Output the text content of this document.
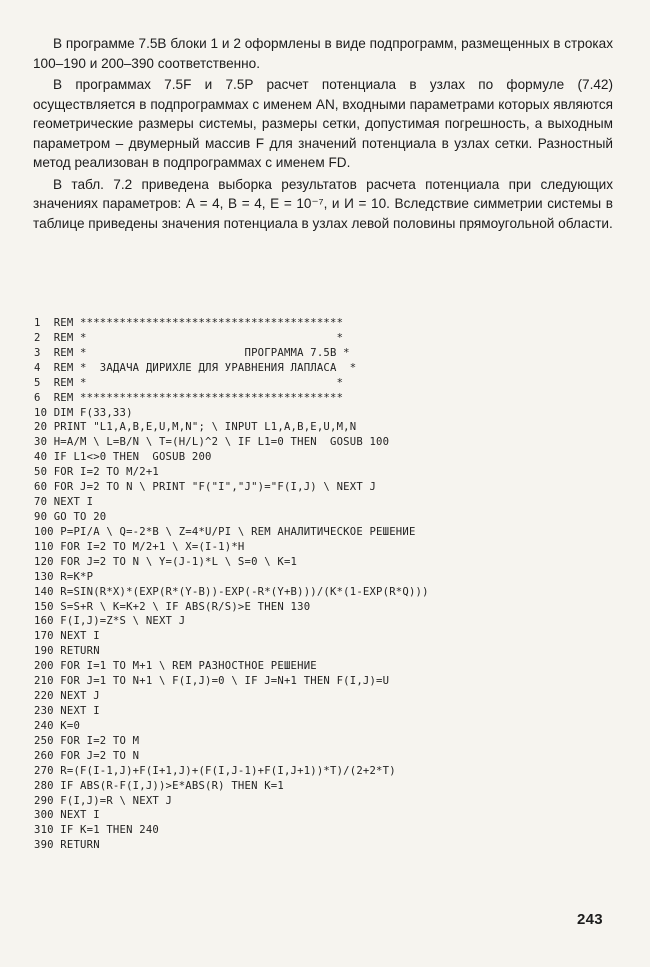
В программе 7.5В блоки 1 и 2 оформлены в виде подпрограмм, размещенных в строках 100–190 и 200–390 соответственно.

В программах 7.5F и 7.5P расчет потенциала в узлах по формуле (7.42) осуществляется в подпрограммах с именем AN, входными параметрами которых являются геометрические размеры системы, размеры сетки, допустимая погрешность, а выходным параметром – двумерный массив F для значений потенциала в узлах сетки. Разностный метод реализован в подпрограммах с именем FD.

В табл. 7.2 приведена выборка результатов расчета потенциала при следующих значениях параметров: А = 4, В = 4, Е = 10⁻⁷, и И = 10. Вследствие симметрии системы в таблице приведены значения потенциала в узлах левой половины прямоугольной области.

1  REM ****************************************
2  REM *                                      *
3  REM *                        ПРОГРАММА 7.5В *
4  REM *  ЗАДАЧА ДИРИХЛЕ ДЛЯ УРАВНЕНИЯ ЛАПЛАСА  *
5  REM *                                      *
6  REM ****************************************
10 DIM F(33,33)
20 PRINT "L1,A,B,E,U,M,N"; \ INPUT L1,A,B,E,U,M,N
30 H=A/M \ L=B/N \ T=(H/L)^2 \ IF L1=0 THEN  GOSUB 100
40 IF L1<>0 THEN  GOSUB 200
50 FOR I=2 TO M/2+1
60 FOR J=2 TO N \ PRINT "F("I","J")="F(I,J) \ NEXT J
70 NEXT I
90 GO TO 20
100 P=PI/A \ Q=-2*B \ Z=4*U/PI \ REM АНАЛИТИЧЕСКОЕ РЕШЕНИЕ
110 FOR I=2 TO M/2+1 \ X=(I-1)*H
120 FOR J=2 TO N \ Y=(J-1)*L \ S=0 \ K=1
130 R=K*P
140 R=SIN(R*X)*(EXP(R*(Y-B))-EXP(-R*(Y+B)))/(K*(1-EXP(R*Q)))
150 S=S+R \ K=K+2 \ IF ABS(R/S)>E THEN 130
160 F(I,J)=Z*S \ NEXT J
170 NEXT I
190 RETURN
200 FOR I=1 TO M+1 \ REM РАЗНОСТНОЕ РЕШЕНИЕ
210 FOR J=1 TO N+1 \ F(I,J)=0 \ IF J=N+1 THEN F(I,J)=U
220 NEXT J
230 NEXT I
240 K=0
250 FOR I=2 TO M
260 FOR J=2 TO N
270 R=(F(I-1,J)+F(I+1,J)+(F(I,J-1)+F(I,J+1))*T)/(2+2*T)
280 IF ABS(R-F(I,J))>E*ABS(R) THEN K=1
290 F(I,J)=R \ NEXT J
300 NEXT I
310 IF K=1 THEN 240
390 RETURN
243
